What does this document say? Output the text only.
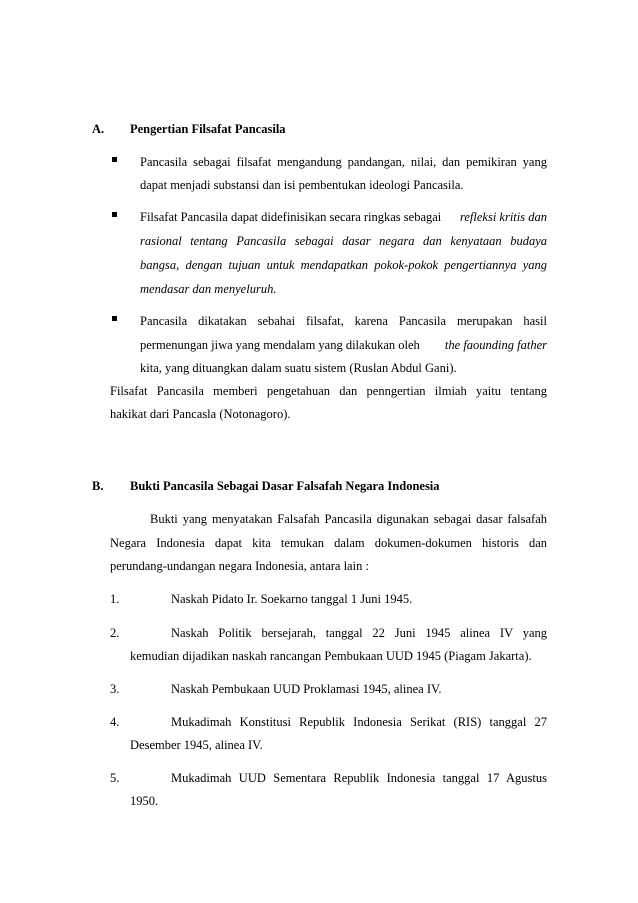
A. Pengertian Filsafat Pancasila
Pancasila sebagai filsafat mengandung pandangan, nilai, dan pemikiran yang
dapat menjadi substansi dan isi pembentukan ideologi Pancasila.
Filsafat Pancasila dapat didefinisikan secara ringkas sebagai refleksi kritis dan
rasional tentang Pancasila sebagai dasar negara dan kenyataan budaya
bangsa, dengan tujuan untuk mendapatkan pokok-pokok pengertiannya yang
mendasar dan menyeluruh.
Pancasila dikatakan sebahai filsafat, karena Pancasila merupakan hasil
permenungan jiwa yang mendalam yang dilakukan oleh the faounding father
kita, yang dituangkan dalam suatu sistem (Ruslan Abdul Gani).
Filsafat Pancasila memberi pengetahuan dan penngertian ilmiah yaitu tentang
hakikat dari Pancasla (Notonagoro).
B. Bukti Pancasila Sebagai Dasar Falsafah Negara Indonesia
Bukti yang menyatakan Falsafah Pancasila digunakan sebagai dasar falsafah
Negara Indonesia dapat kita temukan dalam dokumen-dokumen historis dan
perundang-undangan negara Indonesia, antara lain :
1.	Naskah Pidato Ir. Soekarno tanggal 1 Juni 1945.
2.	Naskah Politik bersejarah, tanggal 22 Juni 1945 alinea IV yang
kemudian dijadikan naskah rancangan Pembukaan UUD 1945 (Piagam Jakarta).
3.	Naskah Pembukaan UUD Proklamasi 1945, alinea IV.
4.	Mukadimah Konstitusi Republik Indonesia Serikat (RIS) tanggal 27
Desember 1945, alinea IV.
5.	Mukadimah UUD Sementara Republik Indonesia tanggal 17 Agustus
1950.
